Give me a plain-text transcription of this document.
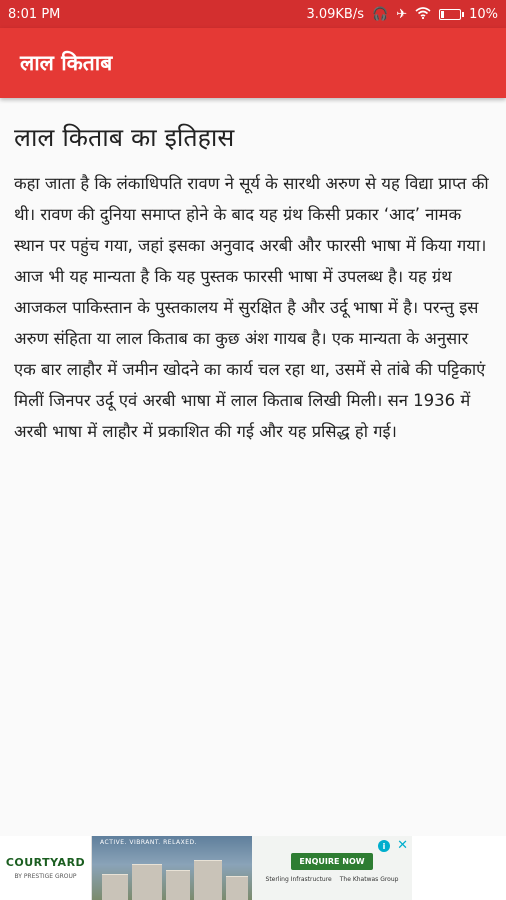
8:01 PM	3.09KB/s 🎧 ✈	10%
लाल किताब
लाल किताब का इतिहास

कहा जाता है कि लंकाधिपति रावण ने सूर्य के सारथी अरुण से यह विद्या प्राप्त की थी। रावण की दुनिया समाप्त होने के बाद यह ग्रंथ किसी प्रकार ‘आद’ नामक स्थान पर पहुंच गया, जहां इसका अनुवाद अरबी और फारसी भाषा में किया गया। आज भी यह मान्यता है कि यह पुस्तक फारसी भाषा में उपलब्ध है। यह ग्रंथ आजकल पाकिस्तान के पुस्तकालय में सुरक्षित है और उर्दू भाषा में है। परन्तु इस अरुण संहिता या लाल किताब का कुछ अंश गायब है। एक मान्यता के अनुसार एक बार लाहौर में जमीन खोदने का कार्य चल रहा था, उसमें से तांबे की पट्टिकाएं मिलीं जिनपर उर्दू एवं अरबी भाषा में लाल किताब लिखी मिली। सन 1936 में अरबी भाषा में लाहौर में प्रकाशित की गई और यह प्रसिद्ध हो गई।

COURTYARD
BY PRESTIGE GROUP
ACTIVE. VIBRANT. RELAXED.
ENQUIRE NOW
Sterling Infrastructure The Khatwas Group
i ✕
